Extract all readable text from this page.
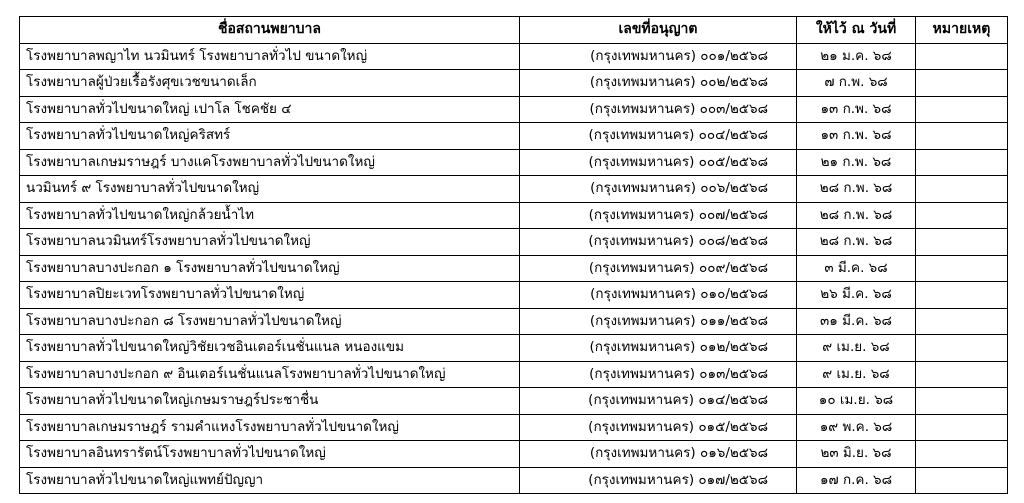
ชื่อสถานพยาบาล	เลขที่อนุญาต	ให้ไว้ ณ วันที่	หมายเหตุ
โรงพยาบาลพญาไท นวมินทร์ โรงพยาบาลทั่วไป ขนาดใหญ่	(กรุงเทพมหานคร) ๐๐๑/๒๕๖๘	๒๑ ม.ค. ๖๘	
โรงพยาบาลผู้ป่วยเรื้อรังศุขเวชขนาดเล็ก	(กรุงเทพมหานคร) ๐๐๒/๒๕๖๘	๗ ก.พ. ๖๘	
โรงพยาบาลทั่วไปขนาดใหญ่ เปาโล โชคชัย ๔	(กรุงเทพมหานคร) ๐๐๓/๒๕๖๘	๑๓ ก.พ. ๖๘	
โรงพยาบาลทั่วไปขนาดใหญ่คริสทร์	(กรุงเทพมหานคร) ๐๐๔/๒๕๖๘	๑๓ ก.พ. ๖๘	
โรงพยาบาลเกษมราษฎร์ บางแคโรงพยาบาลทั่วไปขนาดใหญ่	(กรุงเทพมหานคร) ๐๐๕/๒๕๖๘	๒๑ ก.พ. ๖๘	
นวมินทร์ ๙ โรงพยาบาลทั่วไปขนาดใหญ่	(กรุงเทพมหานคร) ๐๐๖/๒๕๖๘	๒๘ ก.พ. ๖๘	
โรงพยาบาลทั่วไปขนาดใหญ่กล้วยน้ำไท	(กรุงเทพมหานคร) ๐๐๗/๒๕๖๘	๒๘ ก.พ. ๖๘	
โรงพยาบาลนวมินทร์โรงพยาบาลทั่วไปขนาดใหญ่	(กรุงเทพมหานคร) ๐๐๘/๒๕๖๘	๒๘ ก.พ. ๖๘	
โรงพยาบาลบางปะกอก ๑ โรงพยาบาลทั่วไปขนาดใหญ่	(กรุงเทพมหานคร) ๐๐๙/๒๕๖๘	๓ มี.ค. ๖๘	
โรงพยาบาลปิยะเวทโรงพยาบาลทั่วไปขนาดใหญ่	(กรุงเทพมหานคร) ๐๑๐/๒๕๖๘	๒๖ มี.ค. ๖๘	
โรงพยาบาลบางปะกอก ๘ โรงพยาบาลทั่วไปขนาดใหญ่	(กรุงเทพมหานคร) ๐๑๑/๒๕๖๘	๓๑ มี.ค. ๖๘	
โรงพยาบาลทั่วไปขนาดใหญ่วิชัยเวชอินเตอร์เนชั่นแนล หนองแขม	(กรุงเทพมหานคร) ๐๑๒/๒๕๖๘	๙ เม.ย. ๖๘	
โรงพยาบาลบางปะกอก ๙ อินเตอร์เนชั่นแนลโรงพยาบาลทั่วไปขนาดใหญ่	(กรุงเทพมหานคร) ๐๑๓/๒๕๖๘	๙ เม.ย. ๖๘	
โรงพยาบาลทั่วไปขนาดใหญ่เกษมราษฎร์ประชาชื่น	(กรุงเทพมหานคร) ๐๑๔/๒๕๖๘	๑๐ เม.ย. ๖๘	
โรงพยาบาลเกษมราษฎร์ รามคำแหงโรงพยาบาลทั่วไปขนาดใหญ่	(กรุงเทพมหานคร) ๐๑๕/๒๕๖๘	๑๙ พ.ค. ๖๘	
โรงพยาบาลอินทรารัตน์โรงพยาบาลทั่วไปขนาดใหญ่	(กรุงเทพมหานคร) ๐๑๖/๒๕๖๘	๒๓ มิ.ย. ๖๘	
โรงพยาบาลทั่วไปขนาดใหญ่แพทย์ปัญญา	(กรุงเทพมหานคร) ๐๑๗/๒๕๖๘	๑๗ ก.ค. ๖๘	
